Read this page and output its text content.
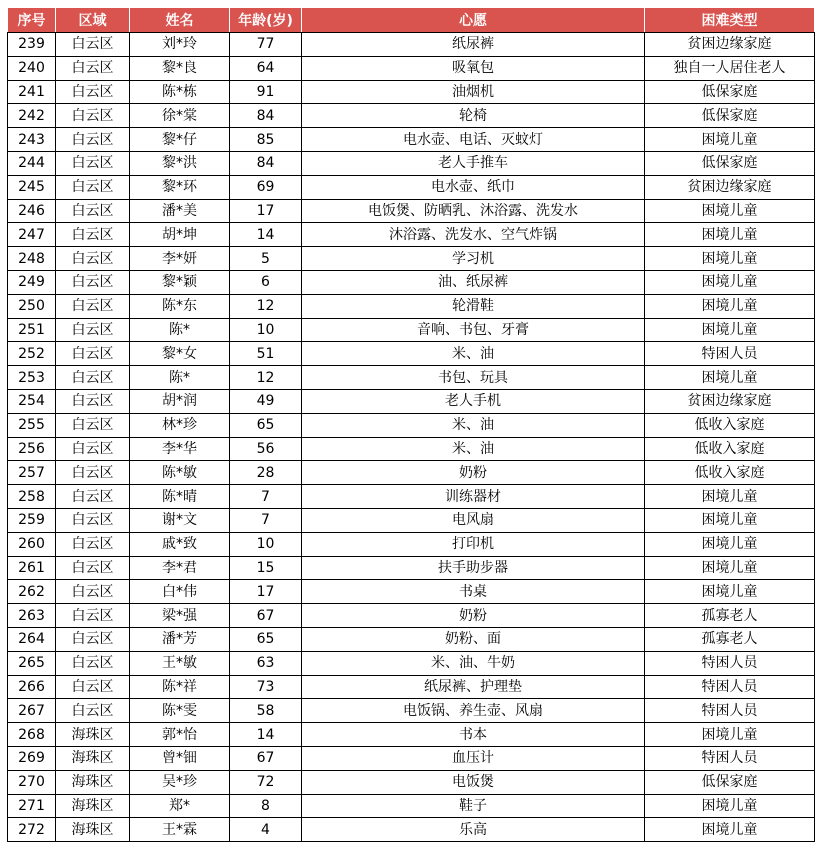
序号	区域	姓名	年龄(岁)	心愿	困难类型
239	白云区	刘*玲	77	纸尿裤	贫困边缘家庭
240	白云区	黎*良	64	吸氧包	独自一人居住老人
241	白云区	陈*栋	91	油烟机	低保家庭
242	白云区	徐*棠	84	轮椅	低保家庭
243	白云区	黎*仔	85	电水壶、电话、灭蚊灯	困境儿童
244	白云区	黎*洪	84	老人手推车	低保家庭
245	白云区	黎*环	69	电水壶、纸巾	贫困边缘家庭
246	白云区	潘*美	17	电饭煲、防晒乳、沐浴露、洗发水	困境儿童
247	白云区	胡*坤	14	沐浴露、洗发水、空气炸锅	困境儿童
248	白云区	李*妍	5	学习机	困境儿童
249	白云区	黎*颖	6	油、纸尿裤	困境儿童
250	白云区	陈*东	12	轮滑鞋	困境儿童
251	白云区	陈*	10	音响、书包、牙膏	困境儿童
252	白云区	黎*女	51	米、油	特困人员
253	白云区	陈*	12	书包、玩具	困境儿童
254	白云区	胡*润	49	老人手机	贫困边缘家庭
255	白云区	林*珍	65	米、油	低收入家庭
256	白云区	李*华	56	米、油	低收入家庭
257	白云区	陈*敏	28	奶粉	低收入家庭
258	白云区	陈*晴	7	训练器材	困境儿童
259	白云区	谢*文	7	电风扇	困境儿童
260	白云区	戚*致	10	打印机	困境儿童
261	白云区	李*君	15	扶手助步器	困境儿童
262	白云区	白*伟	17	书桌	困境儿童
263	白云区	梁*强	67	奶粉	孤寡老人
264	白云区	潘*芳	65	奶粉、面	孤寡老人
265	白云区	王*敏	63	米、油、牛奶	特困人员
266	白云区	陈*祥	73	纸尿裤、护理垫	特困人员
267	白云区	陈*雯	58	电饭锅、养生壶、风扇	特困人员
268	海珠区	郭*怡	14	书本	困境儿童
269	海珠区	曾*钿	67	血压计	特困人员
270	海珠区	吴*珍	72	电饭煲	低保家庭
271	海珠区	郑*	8	鞋子	困境儿童
272	海珠区	王*霖	4	乐高	困境儿童
